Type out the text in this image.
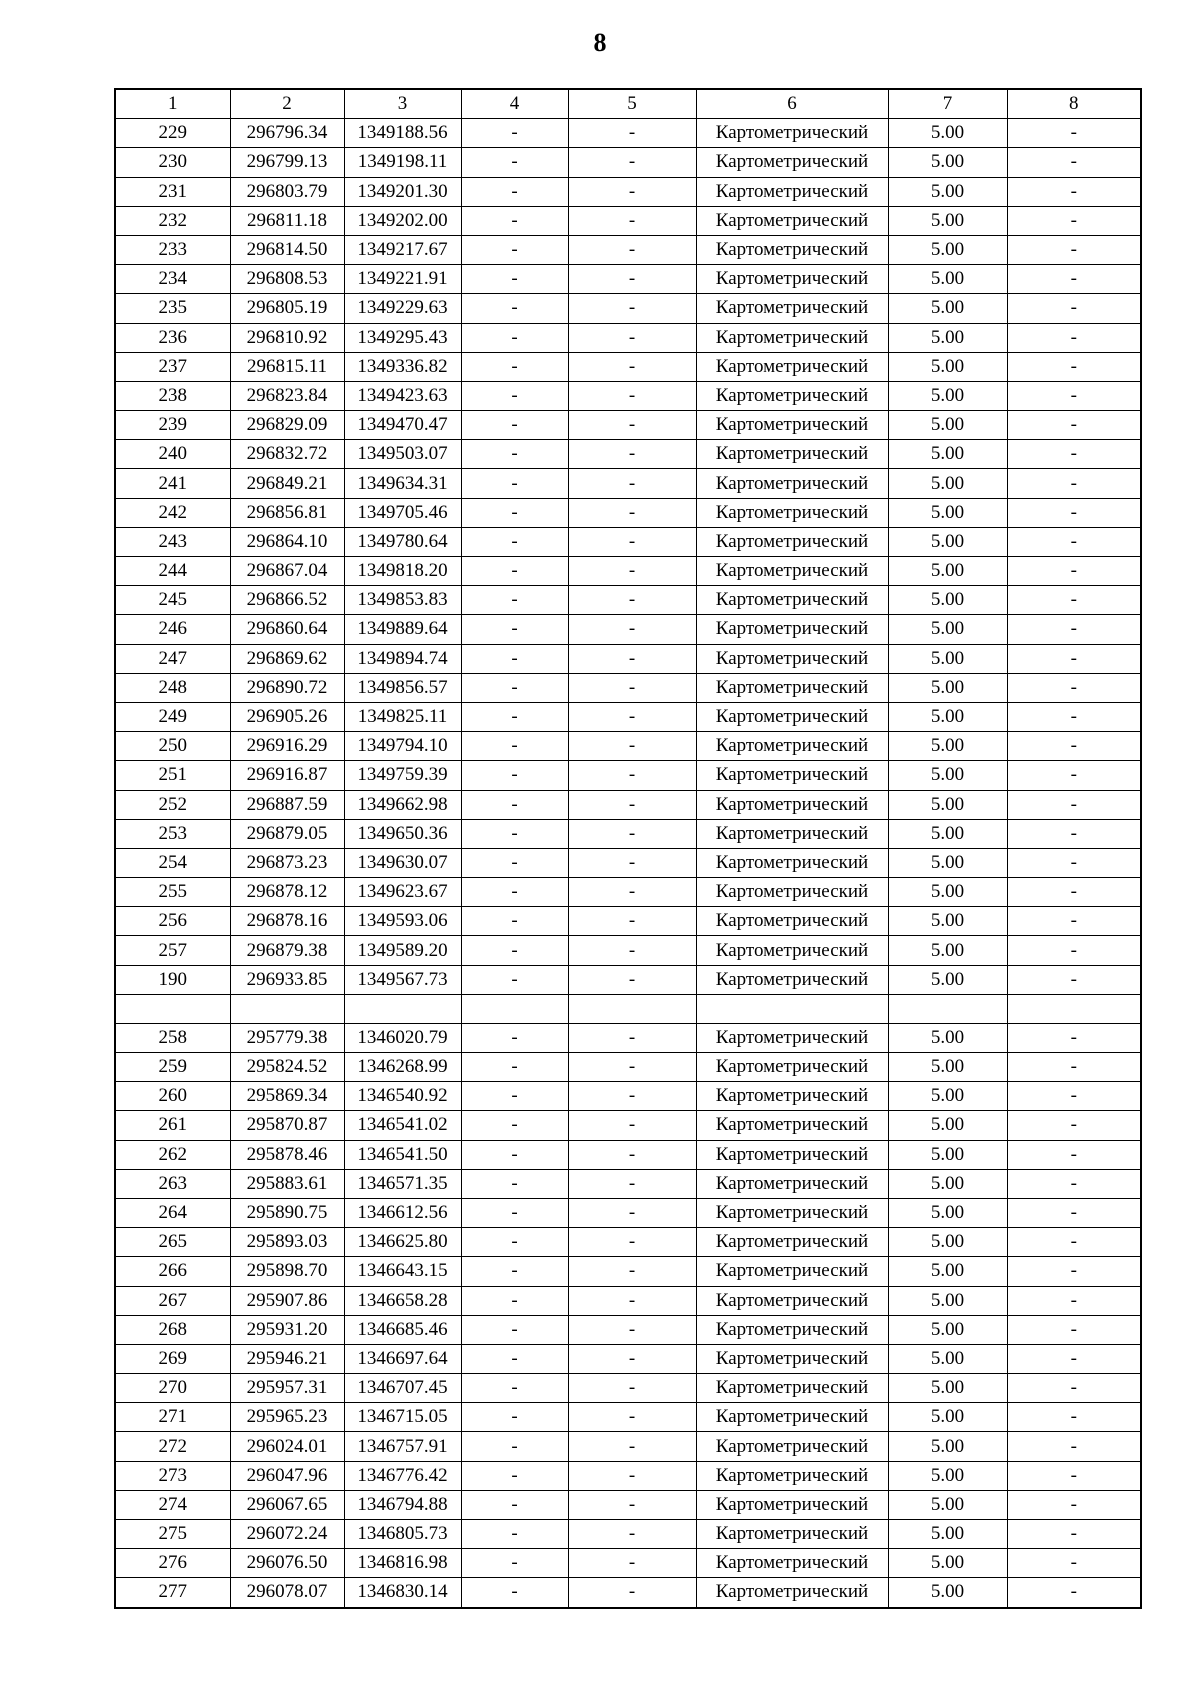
8
1	2	3	4	5	6	7	8
229	296796.34	1349188.56	-	-	Картометрический	5.00	-
230	296799.13	1349198.11	-	-	Картометрический	5.00	-
231	296803.79	1349201.30	-	-	Картометрический	5.00	-
232	296811.18	1349202.00	-	-	Картометрический	5.00	-
233	296814.50	1349217.67	-	-	Картометрический	5.00	-
234	296808.53	1349221.91	-	-	Картометрический	5.00	-
235	296805.19	1349229.63	-	-	Картометрический	5.00	-
236	296810.92	1349295.43	-	-	Картометрический	5.00	-
237	296815.11	1349336.82	-	-	Картометрический	5.00	-
238	296823.84	1349423.63	-	-	Картометрический	5.00	-
239	296829.09	1349470.47	-	-	Картометрический	5.00	-
240	296832.72	1349503.07	-	-	Картометрический	5.00	-
241	296849.21	1349634.31	-	-	Картометрический	5.00	-
242	296856.81	1349705.46	-	-	Картометрический	5.00	-
243	296864.10	1349780.64	-	-	Картометрический	5.00	-
244	296867.04	1349818.20	-	-	Картометрический	5.00	-
245	296866.52	1349853.83	-	-	Картометрический	5.00	-
246	296860.64	1349889.64	-	-	Картометрический	5.00	-
247	296869.62	1349894.74	-	-	Картометрический	5.00	-
248	296890.72	1349856.57	-	-	Картометрический	5.00	-
249	296905.26	1349825.11	-	-	Картометрический	5.00	-
250	296916.29	1349794.10	-	-	Картометрический	5.00	-
251	296916.87	1349759.39	-	-	Картометрический	5.00	-
252	296887.59	1349662.98	-	-	Картометрический	5.00	-
253	296879.05	1349650.36	-	-	Картометрический	5.00	-
254	296873.23	1349630.07	-	-	Картометрический	5.00	-
255	296878.12	1349623.67	-	-	Картометрический	5.00	-
256	296878.16	1349593.06	-	-	Картометрический	5.00	-
257	296879.38	1349589.20	-	-	Картометрический	5.00	-
190	296933.85	1349567.73	-	-	Картометрический	5.00	-

258	295779.38	1346020.79	-	-	Картометрический	5.00	-
259	295824.52	1346268.99	-	-	Картометрический	5.00	-
260	295869.34	1346540.92	-	-	Картометрический	5.00	-
261	295870.87	1346541.02	-	-	Картометрический	5.00	-
262	295878.46	1346541.50	-	-	Картометрический	5.00	-
263	295883.61	1346571.35	-	-	Картометрический	5.00	-
264	295890.75	1346612.56	-	-	Картометрический	5.00	-
265	295893.03	1346625.80	-	-	Картометрический	5.00	-
266	295898.70	1346643.15	-	-	Картометрический	5.00	-
267	295907.86	1346658.28	-	-	Картометрический	5.00	-
268	295931.20	1346685.46	-	-	Картометрический	5.00	-
269	295946.21	1346697.64	-	-	Картометрический	5.00	-
270	295957.31	1346707.45	-	-	Картометрический	5.00	-
271	295965.23	1346715.05	-	-	Картометрический	5.00	-
272	296024.01	1346757.91	-	-	Картометрический	5.00	-
273	296047.96	1346776.42	-	-	Картометрический	5.00	-
274	296067.65	1346794.88	-	-	Картометрический	5.00	-
275	296072.24	1346805.73	-	-	Картометрический	5.00	-
276	296076.50	1346816.98	-	-	Картометрический	5.00	-
277	296078.07	1346830.14	-	-	Картометрический	5.00	-
